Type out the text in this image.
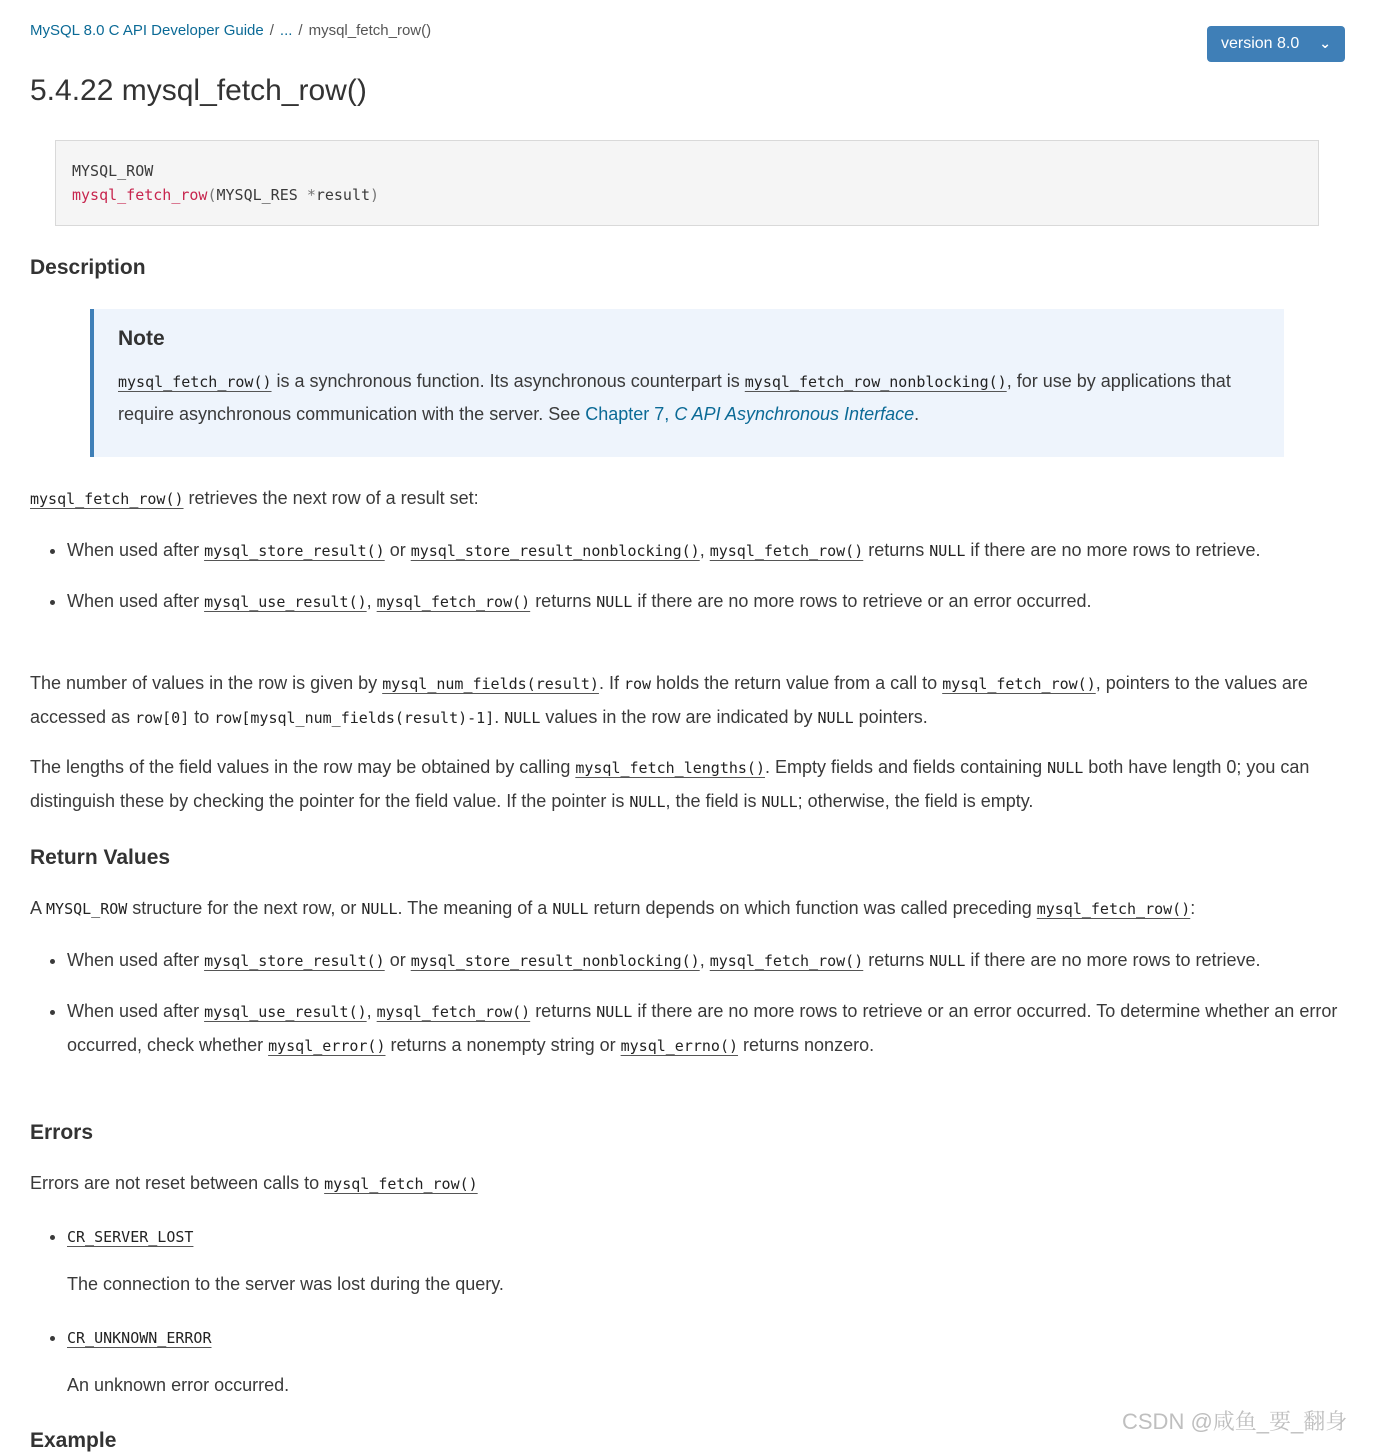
MySQL 8.0 C API Developer Guide / ... / mysql_fetch_row()
version 8.0 ⌄
5.4.22 mysql_fetch_row()
MYSQL_ROW
mysql_fetch_row(MYSQL_RES *result)
Description
Note

mysql_fetch_row() is a synchronous function. Its asynchronous counterpart is mysql_fetch_row_nonblocking(), for use by applications that require asynchronous communication with the server. See Chapter 7, C API Asynchronous Interface.

mysql_fetch_row() retrieves the next row of a result set:

• When used after mysql_store_result() or mysql_store_result_nonblocking(), mysql_fetch_row() returns NULL if there are no more rows to retrieve.
• When used after mysql_use_result(), mysql_fetch_row() returns NULL if there are no more rows to retrieve or an error occurred.

The number of values in the row is given by mysql_num_fields(result). If row holds the return value from a call to mysql_fetch_row(), pointers to the values are accessed as row[0] to row[mysql_num_fields(result)-1]. NULL values in the row are indicated by NULL pointers.

The lengths of the field values in the row may be obtained by calling mysql_fetch_lengths(). Empty fields and fields containing NULL both have length 0; you can distinguish these by checking the pointer for the field value. If the pointer is NULL, the field is NULL; otherwise, the field is empty.

Return Values

A MYSQL_ROW structure for the next row, or NULL. The meaning of a NULL return depends on which function was called preceding mysql_fetch_row():

• When used after mysql_store_result() or mysql_store_result_nonblocking(), mysql_fetch_row() returns NULL if there are no more rows to retrieve.
• When used after mysql_use_result(), mysql_fetch_row() returns NULL if there are no more rows to retrieve or an error occurred. To determine whether an error occurred, check whether mysql_error() returns a nonempty string or mysql_errno() returns nonzero.
Errors

Errors are not reset between calls to mysql_fetch_row()

• CR_SERVER_LOST

The connection to the server was lost during the query.

• CR_UNKNOWN_ERROR

An unknown error occurred.

Example
CSDN @咸鱼_要_翻身
